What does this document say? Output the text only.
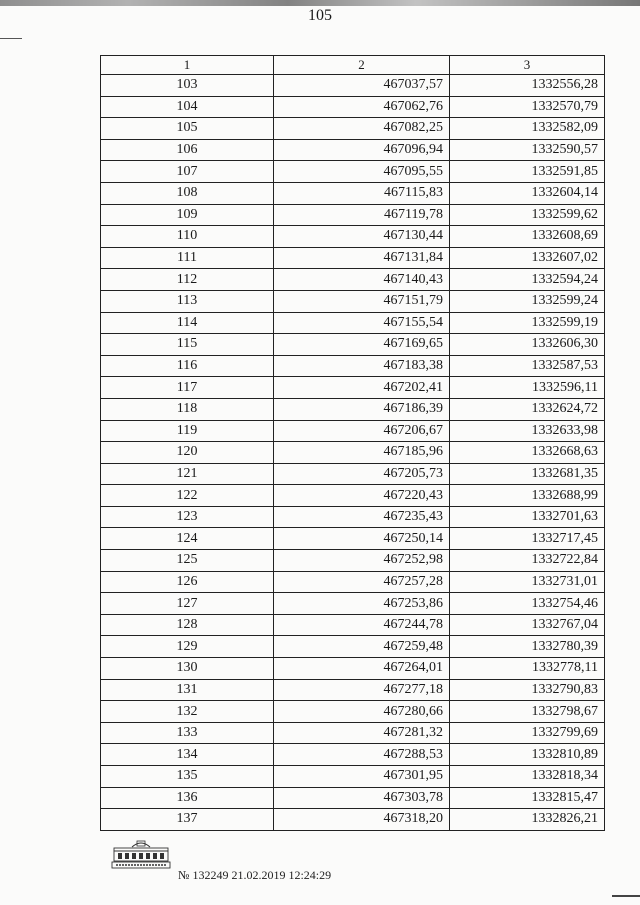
105
1	2	3
103	467037,57	1332556,28
104	467062,76	1332570,79
105	467082,25	1332582,09
106	467096,94	1332590,57
107	467095,55	1332591,85
108	467115,83	1332604,14
109	467119,78	1332599,62
110	467130,44	1332608,69
111	467131,84	1332607,02
112	467140,43	1332594,24
113	467151,79	1332599,24
114	467155,54	1332599,19
115	467169,65	1332606,30
116	467183,38	1332587,53
117	467202,41	1332596,11
118	467186,39	1332624,72
119	467206,67	1332633,98
120	467185,96	1332668,63
121	467205,73	1332681,35
122	467220,43	1332688,99
123	467235,43	1332701,63
124	467250,14	1332717,45
125	467252,98	1332722,84
126	467257,28	1332731,01
127	467253,86	1332754,46
128	467244,78	1332767,04
129	467259,48	1332780,39
130	467264,01	1332778,11
131	467277,18	1332790,83
132	467280,66	1332798,67
133	467281,32	1332799,69
134	467288,53	1332810,89
135	467301,95	1332818,34
136	467303,78	1332815,47
137	467318,20	1332826,21
№ 132249 21.02.2019 12:24:29
